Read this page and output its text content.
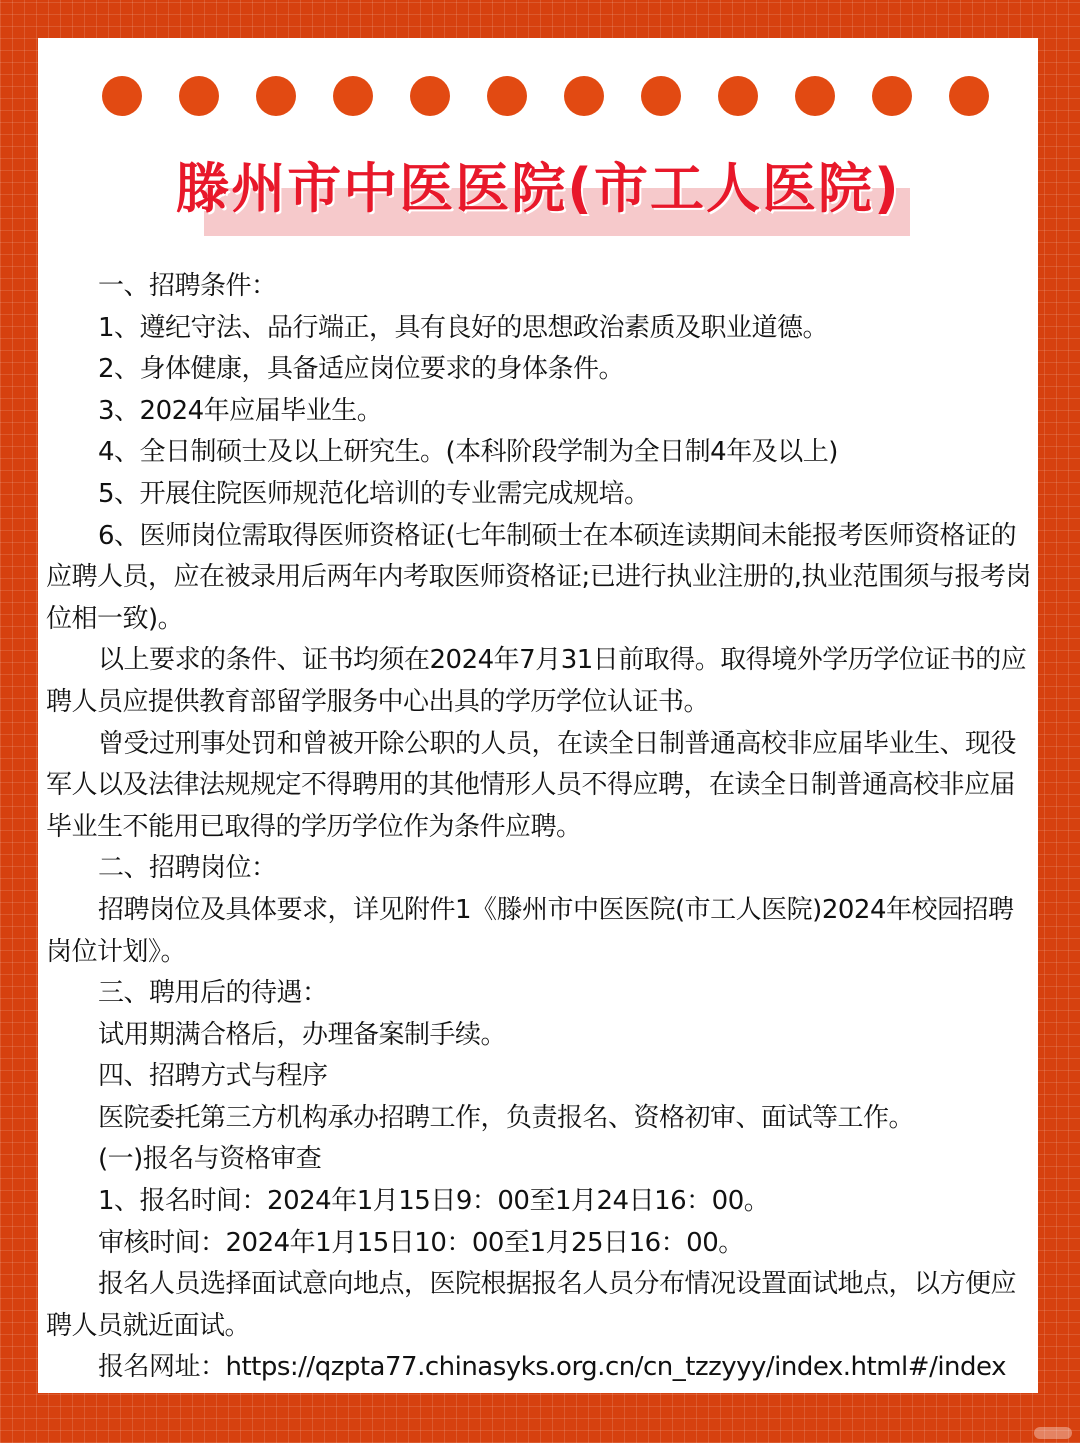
滕州市中医医院(市工人医院)

一、招聘条件：

1、遵纪守法、品行端正，具有良好的思想政治素质及职业道德。

2、身体健康，具备适应岗位要求的身体条件。

3、2024年应届毕业生。

4、全日制硕士及以上研究生。(本科阶段学制为全日制4年及以上)

5、开展住院医师规范化培训的专业需完成规培。

6、医师岗位需取得医师资格证(七年制硕士在本硕连读期间未能报考医师资格证的应聘人员，应在被录用后两年内考取医师资格证;已进行执业注册的,执业范围须与报考岗位相一致)。

以上要求的条件、证书均须在2024年7月31日前取得。取得境外学历学位证书的应聘人员应提供教育部留学服务中心出具的学历学位认证书。

曾受过刑事处罚和曾被开除公职的人员，在读全日制普通高校非应届毕业生、现役军人以及法律法规规定不得聘用的其他情形人员不得应聘，在读全日制普通高校非应届毕业生不能用已取得的学历学位作为条件应聘。

二、招聘岗位：

招聘岗位及具体要求，详见附件1《滕州市中医医院(市工人医院)2024年校园招聘岗位计划》。

三、聘用后的待遇：

试用期满合格后，办理备案制手续。

四、招聘方式与程序

医院委托第三方机构承办招聘工作，负责报名、资格初审、面试等工作。

(一)报名与资格审查

1、报名时间：2024年1月15日9：00至1月24日16：00。

审核时间：2024年1月15日10：00至1月25日16：00。

报名人员选择面试意向地点，医院根据报名人员分布情况设置面试地点，以方便应聘人员就近面试。

报名网址：https://qzpta77.chinasyks.org.cn/cn_tzzyyy/index.html#/index
